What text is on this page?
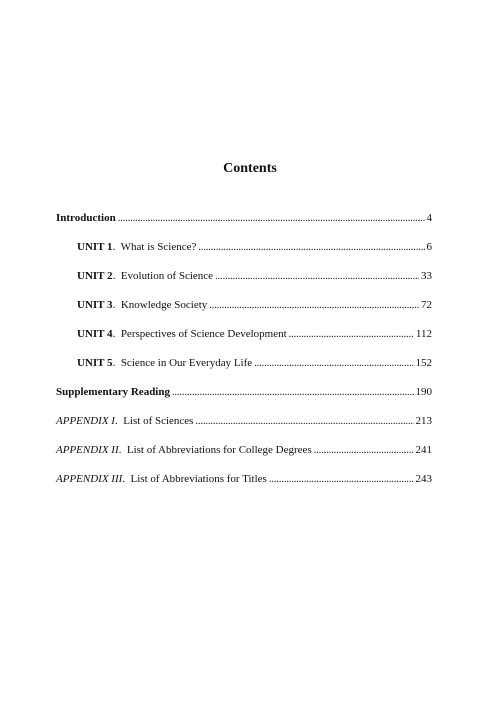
Contents
Introduction .....	4
UNIT 1. What is Science? .....	6
UNIT 2. Evolution of Science .....	33
UNIT 3. Knowledge Society .....	72
UNIT 4. Perspectives of Science Development .....	112
UNIT 5. Science in Our Everyday Life .....	152
Supplementary Reading .....	190
APPENDIX I. List of Sciences .....	213
APPENDIX II. List of Abbreviations for College Degrees .....	241
APPENDIX III. List of Abbreviations for Titles .....	243
